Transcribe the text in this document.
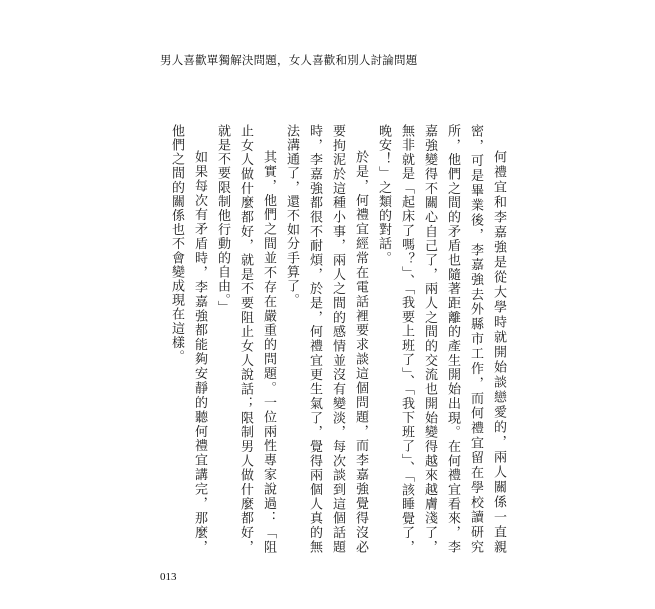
男人喜歡單獨解決問題，女人喜歡和別人討論問題

何禮宜和李嘉強是從大學時就開始談戀愛的，兩人關係一直親密，可是畢業後，李嘉強去外縣市工作，而何禮宜留在學校讀研究所，他們之間的矛盾也隨著距離的產生開始出現。在何禮宜看來，李嘉強變得不關心自己了，兩人之間的交流也開始變得越來越膚淺了，無非就是「起床了嗎？」、「我要上班了」、「我下班了」、「該睡覺了，晚安！」之類的對話。

於是，何禮宜經常在電話裡要求談這個問題，而李嘉強覺得沒必要拘泥於這種小事，兩人之間的感情並沒有變淡，每次談到這個話題時，李嘉強都很不耐煩，於是，何禮宜更生氣了，覺得兩個人真的無法溝通了，還不如分手算了。

其實，他們之間並不存在嚴重的問題。一位兩性專家說過：「阻止女人做什麼都好，就是不要阻止女人說話；限制男人做什麼都好，就是不要限制他行動的自由。」

如果每次有矛盾時，李嘉強都能夠安靜的聽何禮宜講完，那麼，他們之間的關係也不會變成現在這樣。

013
